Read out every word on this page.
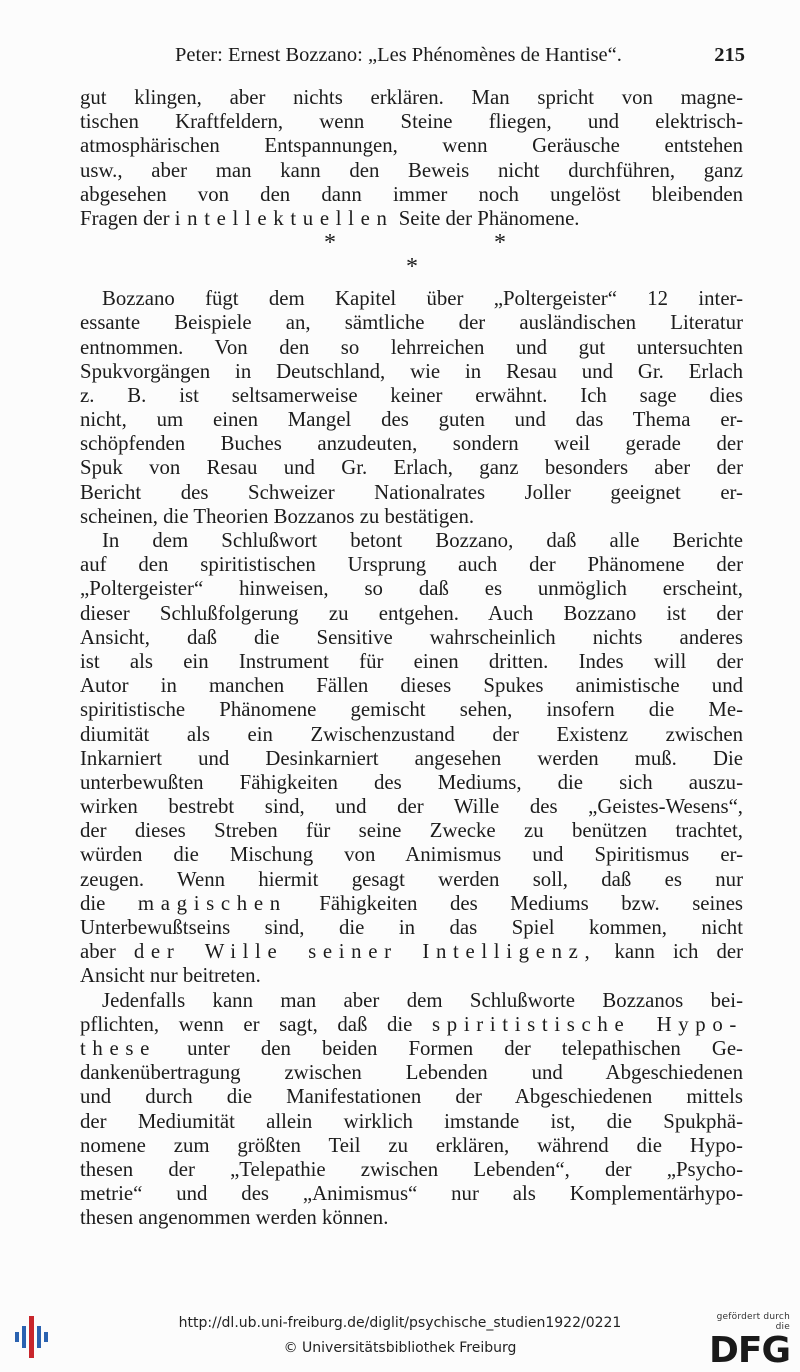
Peter: Ernest Bozzano: „Les Phénomènes de Hantise“.	215
gut klingen, aber nichts erklären. Man spricht von magne-
tischen Kraftfeldern, wenn Steine fliegen, und elektrisch-
atmosphärischen Entspannungen, wenn Geräusche entstehen
usw., aber man kann den Beweis nicht durchführen, ganz
abgesehen von den dann immer noch ungelöst bleibenden
Fragen der intellektuellen Seite der Phänomene.
*	*
*
Bozzano fügt dem Kapitel über „Poltergeister“ 12 inter-
essante Beispiele an, sämtliche der ausländischen Literatur
entnommen. Von den so lehrreichen und gut untersuchten
Spukvorgängen in Deutschland, wie in Resau und Gr. Erlach
z. B. ist seltsamerweise keiner erwähnt. Ich sage dies
nicht, um einen Mangel des guten und das Thema er-
schöpfenden Buches anzudeuten, sondern weil gerade der
Spuk von Resau und Gr. Erlach, ganz besonders aber der
Bericht des Schweizer Nationalrates Joller geeignet er-
scheinen, die Theorien Bozzanos zu bestätigen.
In dem Schlußwort betont Bozzano, daß alle Berichte
auf den spiritistischen Ursprung auch der Phänomene der
„Poltergeister“ hinweisen, so daß es unmöglich erscheint,
dieser Schlußfolgerung zu entgehen. Auch Bozzano ist der
Ansicht, daß die Sensitive wahrscheinlich nichts anderes
ist als ein Instrument für einen dritten. Indes will der
Autor in manchen Fällen dieses Spukes animistische und
spiritistische Phänomene gemischt sehen, insofern die Me-
diumität als ein Zwischenzustand der Existenz zwischen
Inkarniert und Desinkarniert angesehen werden muß. Die
unterbewußten Fähigkeiten des Mediums, die sich auszu-
wirken bestrebt sind, und der Wille des „Geistes-Wesens“,
der dieses Streben für seine Zwecke zu benützen trachtet,
würden die Mischung von Animismus und Spiritismus er-
zeugen. Wenn hiermit gesagt werden soll, daß es nur
die magischen Fähigkeiten des Mediums bzw. seines
Unterbewußtseins sind, die in das Spiel kommen, nicht
aber der Wille seiner Intelligenz, kann ich der
Ansicht nur beitreten.
Jedenfalls kann man aber dem Schlußworte Bozzanos bei-
pflichten, wenn er sagt, daß die spiritistische Hypo-
these unter den beiden Formen der telepathischen Ge-
dankenübertragung zwischen Lebenden und Abgeschiedenen
und durch die Manifestationen der Abgeschiedenen mittels
der Mediumität allein wirklich imstande ist, die Spukphä-
nomene zum größten Teil zu erklären, während die Hypo-
thesen der „Telepathie zwischen Lebenden“, der „Psycho-
metrie“ und des „Animismus“ nur als Komplementärhypo-
thesen angenommen werden können.
http://dl.ub.uni-freiburg.de/diglit/psychische_studien1922/0221
© Universitätsbibliothek Freiburg
gefördert durch die
DFG
